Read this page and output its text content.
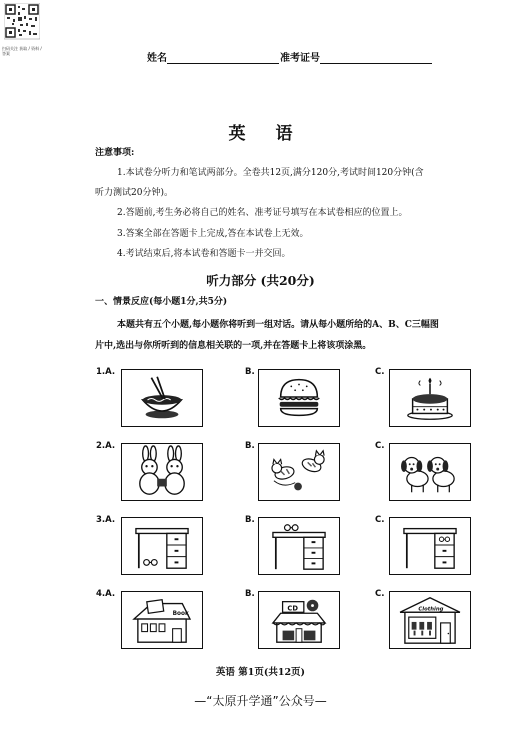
扫码关注 获取 / 资料 / 答案	姓名	准考证号
英语
注意事项:
1.本试卷分听力和笔试两部分。全卷共12页,满分120分,考试时间120分钟(含
听力测试20分钟)。
2.答题前,考生务必将自己的姓名、准考证号填写在本试卷相应的位置上。
3.答案全部在答题卡上完成,答在本试卷上无效。
4.考试结束后,将本试卷和答题卡一并交回。
听力部分 (共20分)
一、情景反应(每小题1分,共5分)
本题共有五个小题,每小题你将听到一组对话。请从每小题所给的A、B、C三幅图
片中,选出与你所听到的信息相关联的一项,并在答题卡上将该项涂黑。
1.A.	B.	C.
2.A.	B.	C.
3.A.	B.	C.
4.A.	B.	C.
Book
CD	Clothing
英语 第1页(共12页)
—“太原升学通”公众号—
